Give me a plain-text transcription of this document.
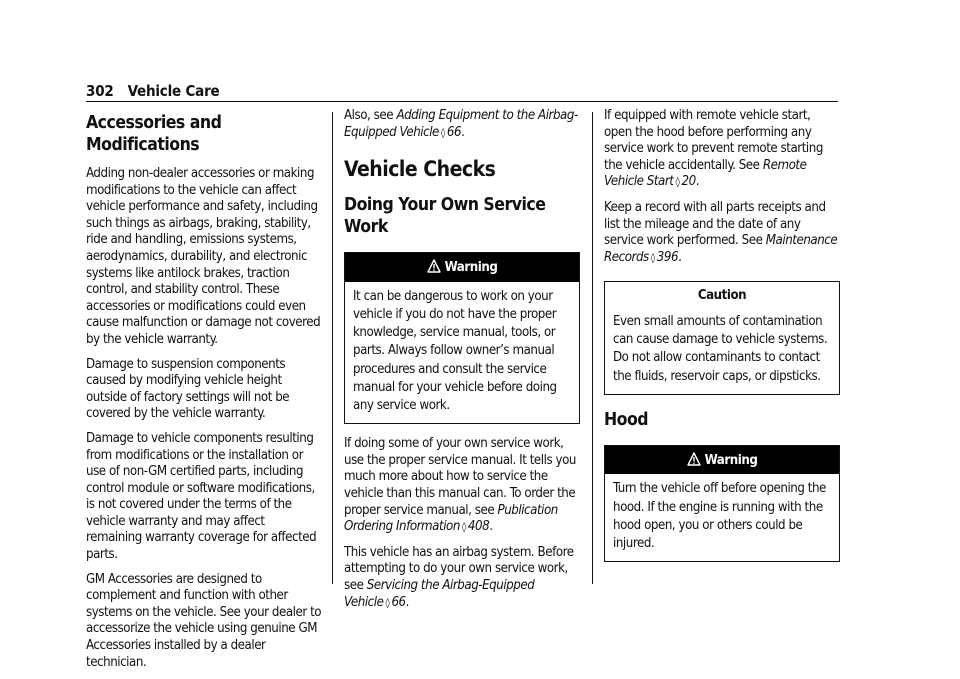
302 Vehicle Care
Accessories and Modifications

Adding non-dealer accessories or making modifications to the vehicle can affect vehicle performance and safety, including such things as airbags, braking, stability, ride and handling, emissions systems, aerodynamics, durability, and electronic systems like antilock brakes, traction control, and stability control. These accessories or modifications could even cause malfunction or damage not covered by the vehicle warranty.

Damage to suspension components caused by modifying vehicle height outside of factory settings will not be covered by the vehicle warranty.

Damage to vehicle components resulting from modifications or the installation or use of non-GM certified parts, including control module or software modifications, is not covered under the terms of the vehicle warranty and may affect remaining warranty coverage for affected parts.

GM Accessories are designed to complement and function with other systems on the vehicle. See your dealer to accessorize the vehicle using genuine GM Accessories installed by a dealer technician.

Also, see Adding Equipment to the Airbag-Equipped Vehicle ◊ 66.

Vehicle Checks
Doing Your Own Service Work
Warning
It can be dangerous to work on your vehicle if you do not have the proper knowledge, service manual, tools, or parts. Always follow owner’s manual procedures and consult the service manual for your vehicle before doing any service work.

If doing some of your own service work, use the proper service manual. It tells you much more about how to service the vehicle than this manual can. To order the proper service manual, see Publication Ordering Information ◊ 408.

This vehicle has an airbag system. Before attempting to do your own service work, see Servicing the Airbag-Equipped Vehicle ◊ 66.

If equipped with remote vehicle start, open the hood before performing any service work to prevent remote starting the vehicle accidentally. See Remote Vehicle Start ◊ 20.

Keep a record with all parts receipts and list the mileage and the date of any service work performed. See Maintenance Records ◊ 396.

Caution
Even small amounts of contamination can cause damage to vehicle systems. Do not allow contaminants to contact the fluids, reservoir caps, or dipsticks.
Hood
Warning
Turn the vehicle off before opening the hood. If the engine is running with the hood open, you or others could be injured.
